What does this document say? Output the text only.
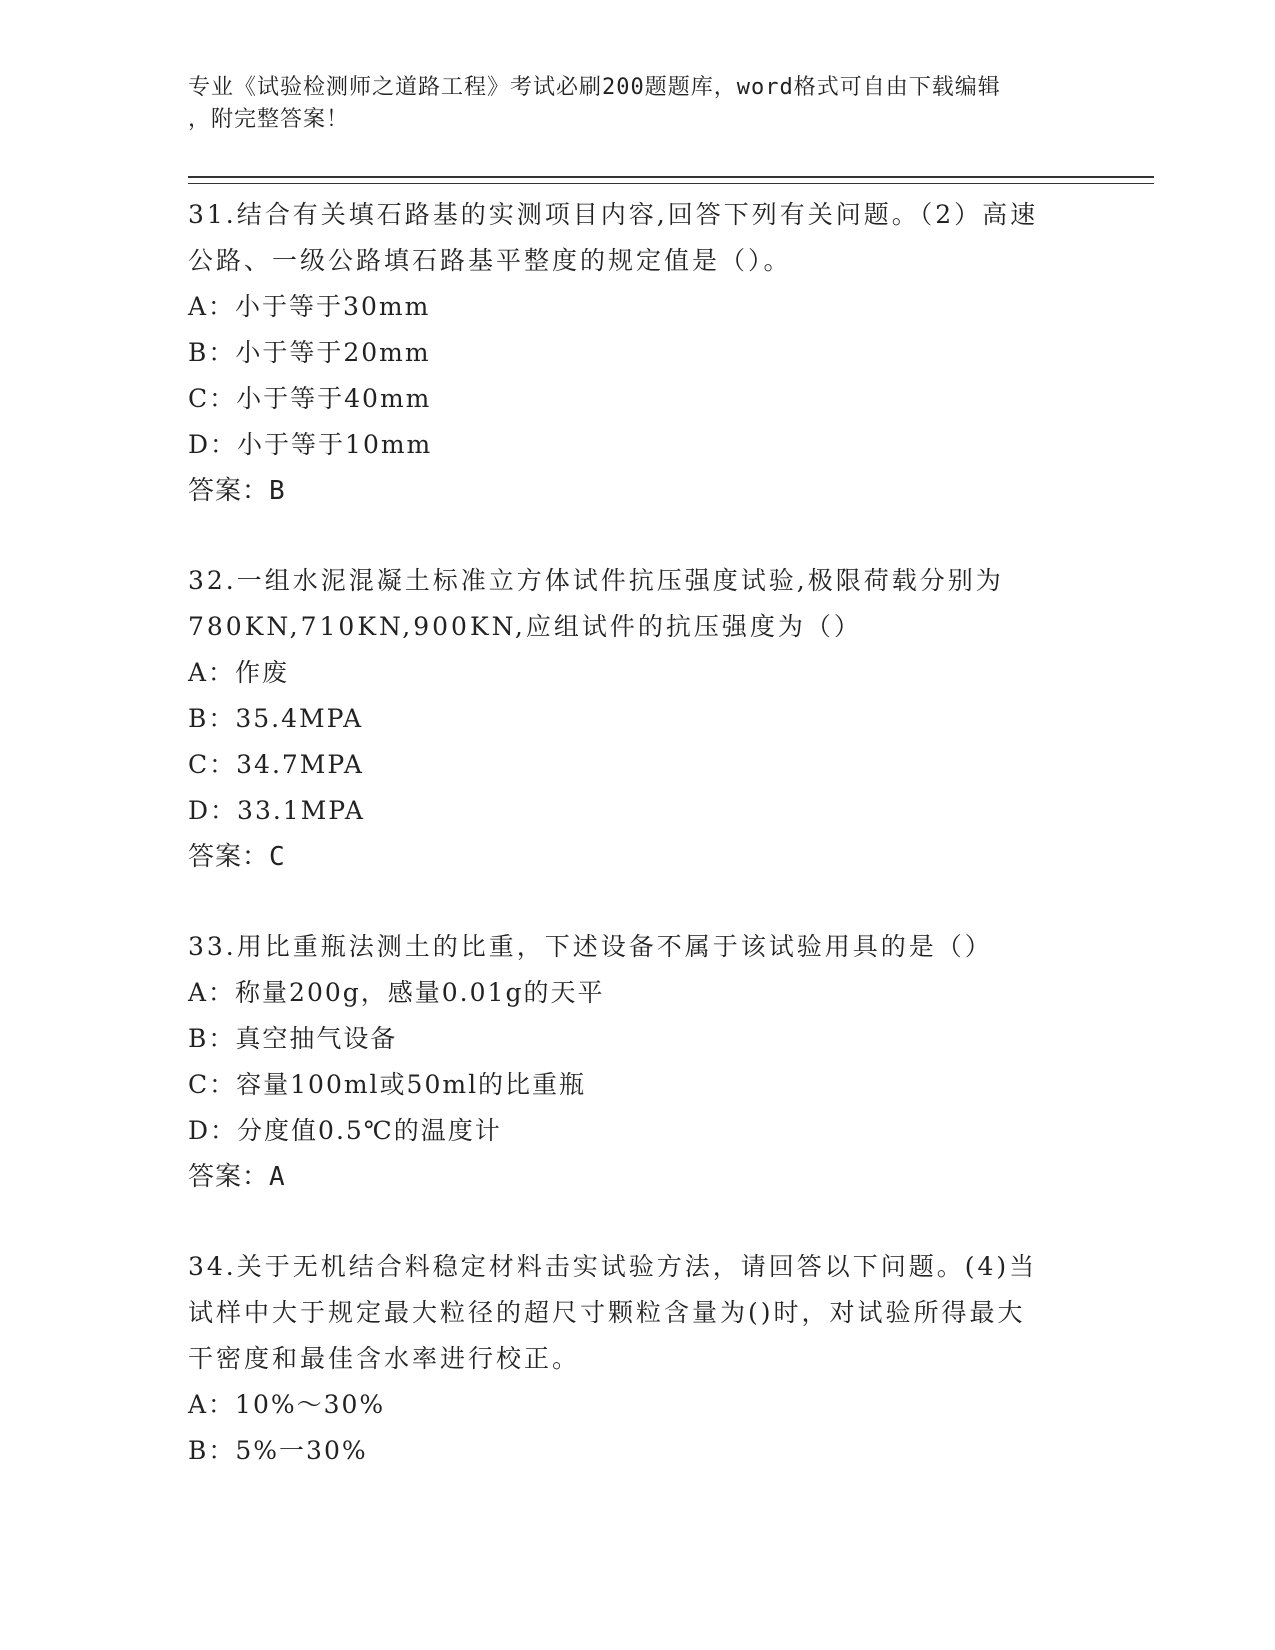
专业《试验检测师之道路工程》考试必刷200题题库，word格式可自由下载编辑
，附完整答案！

31.结合有关填石路基的实测项目内容,回答下列有关问题。（2）高速

公路、一级公路填石路基平整度的规定值是（）。

A：小于等于30mm

B：小于等于20mm

C：小于等于40mm

D：小于等于10mm

答案：B

32.一组水泥混凝土标准立方体试件抗压强度试验,极限荷载分别为

780KN,710KN,900KN,应组试件的抗压强度为（）

A：作废

B：35.4MPA

C：34.7MPA

D：33.1MPA

答案：C

33.用比重瓶法测土的比重，下述设备不属于该试验用具的是（）

A：称量200g，感量0.01g的天平

B：真空抽气设备

C：容量100ml或50ml的比重瓶

D：分度值0.5℃的温度计

答案：A

34.关于无机结合料稳定材料击实试验方法，请回答以下问题。(4)当

试样中大于规定最大粒径的超尺寸颗粒含量为()时，对试验所得最大

干密度和最佳含水率进行校正。

A：10%～30%

B：5%一30%
